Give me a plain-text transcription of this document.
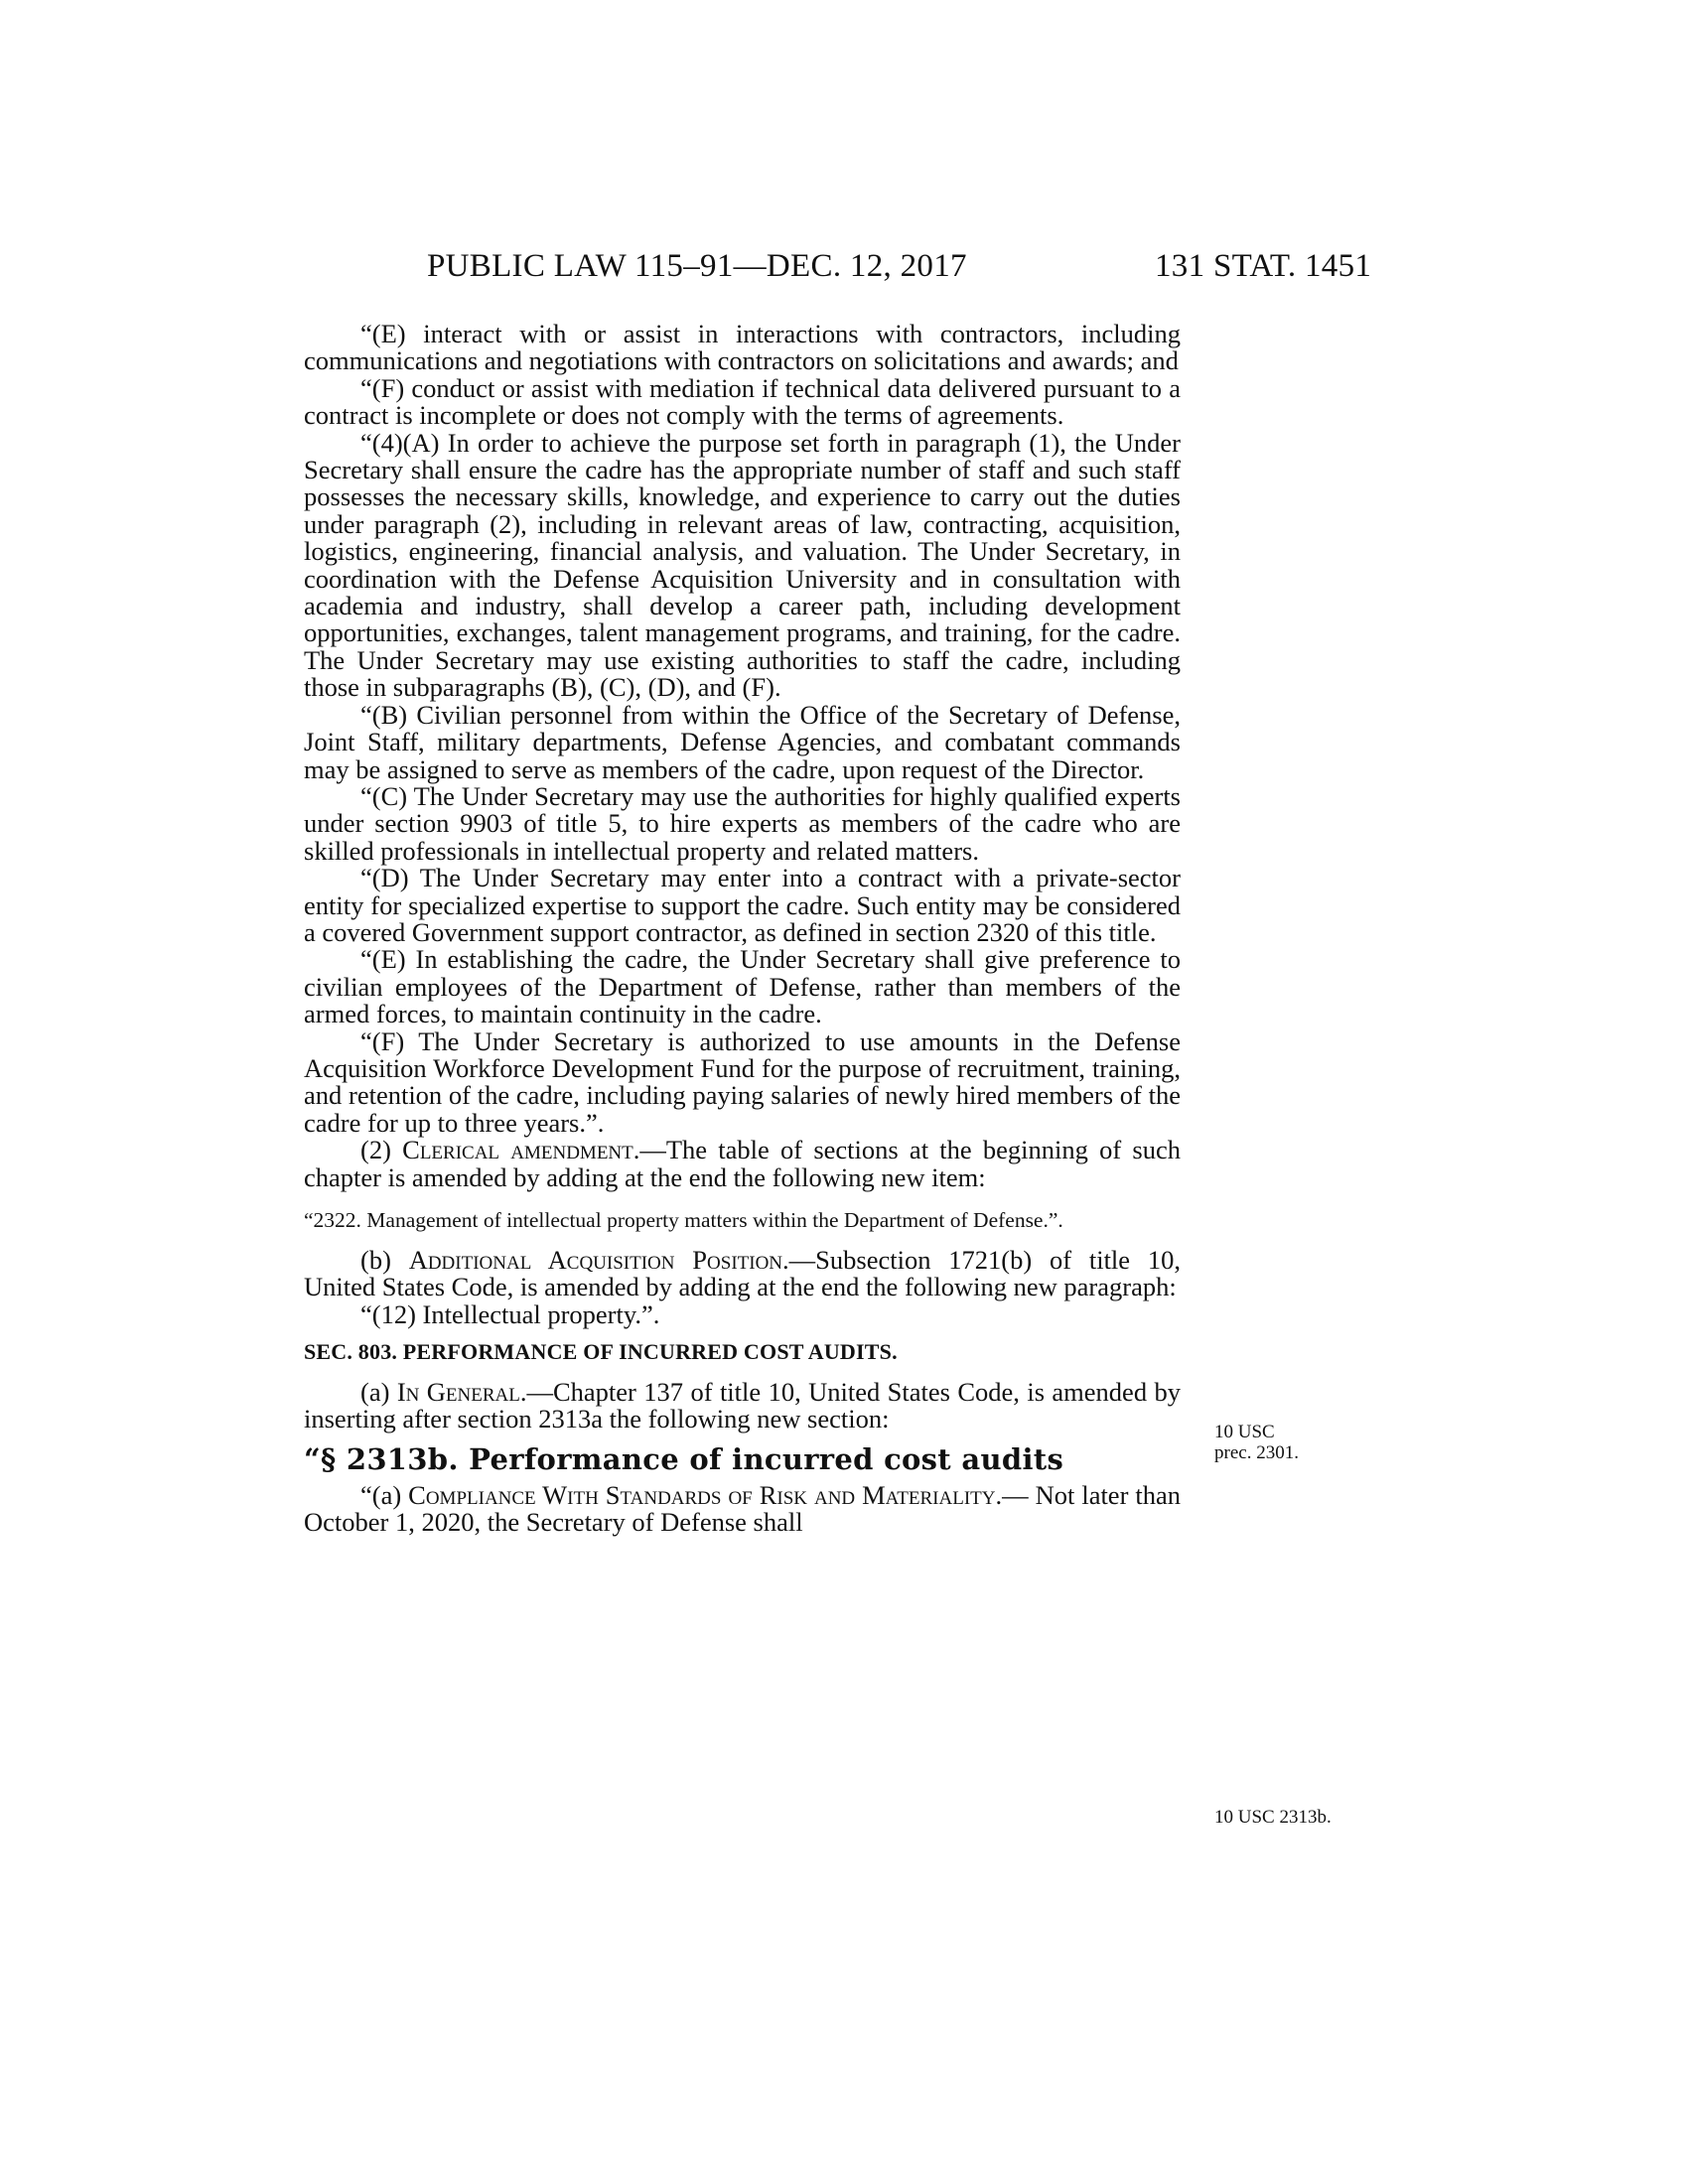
PUBLIC LAW 115–91—DEC. 12, 2017	131 STAT. 1451

“(E) interact with or assist in interactions with contractors, including communications and negotiations with contractors on solicitations and awards; and

“(F) conduct or assist with mediation if technical data delivered pursuant to a contract is incomplete or does not comply with the terms of agreements.

“(4)(A) In order to achieve the purpose set forth in paragraph (1), the Under Secretary shall ensure the cadre has the appropriate number of staff and such staff possesses the necessary skills, knowledge, and experience to carry out the duties under paragraph (2), including in relevant areas of law, contracting, acquisition, logistics, engineering, financial analysis, and valuation. The Under Secretary, in coordination with the Defense Acquisition University and in consultation with academia and industry, shall develop a career path, including development opportunities, exchanges, talent management programs, and training, for the cadre. The Under Secretary may use existing authorities to staff the cadre, including those in subparagraphs (B), (C), (D), and (F).

“(B) Civilian personnel from within the Office of the Secretary of Defense, Joint Staff, military departments, Defense Agencies, and combatant commands may be assigned to serve as members of the cadre, upon request of the Director.

“(C) The Under Secretary may use the authorities for highly qualified experts under section 9903 of title 5, to hire experts as members of the cadre who are skilled professionals in intellectual property and related matters.

“(D) The Under Secretary may enter into a contract with a private-sector entity for specialized expertise to support the cadre. Such entity may be considered a covered Government support contractor, as defined in section 2320 of this title.

“(E) In establishing the cadre, the Under Secretary shall give preference to civilian employees of the Department of Defense, rather than members of the armed forces, to maintain continuity in the cadre.

“(F) The Under Secretary is authorized to use amounts in the Defense Acquisition Workforce Development Fund for the purpose of recruitment, training, and retention of the cadre, including paying salaries of newly hired members of the cadre for up to three years.”.

(2) Clerical amendment.—The table of sections at the beginning of such chapter is amended by adding at the end the following new item:

“2322. Management of intellectual property matters within the Department of Defense.”.

(b) Additional Acquisition Position.—Subsection 1721(b) of title 10, United States Code, is amended by adding at the end the following new paragraph:

“(12) Intellectual property.”.

SEC. 803. PERFORMANCE OF INCURRED COST AUDITS.

(a) In General.—Chapter 137 of title 10, United States Code, is amended by inserting after section 2313a the following new section:

“§ 2313b. Performance of incurred cost audits

“(a) Compliance With Standards of Risk and Materiality.— Not later than October 1, 2020, the Secretary of Defense shall

10 USC
prec. 2301.
10 USC 2313b.
